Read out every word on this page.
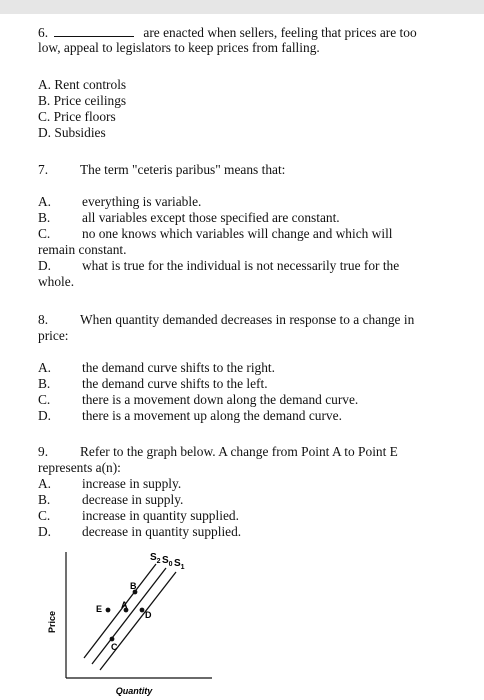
6.	are enacted when sellers, feeling that prices are too
low, appeal to legislators to keep prices from falling.
A. Rent controls
B. Price ceilings
C. Price floors
D. Subsidies
7. The term "ceteris paribus" means that:
A. everything is variable.
B. all variables except those specified are constant.
C. no one knows which variables will change and which will
remain constant.
D. what is true for the individual is not necessarily true for the
whole.
8. When quantity demanded decreases in response to a change in
price:
A. the demand curve shifts to the right.
B. the demand curve shifts to the left.
C. there is a movement down along the demand curve.
D. there is a movement up along the demand curve.
9. Refer to the graph below. A change from Point A to Point E
represents a(n):
A. increase in supply.
B. decrease in supply.
C. increase in quantity supplied.
D. decrease in quantity supplied.
Price
Quantity
$S_2$ $S_0$ $S_1$
B
E A
D
C
